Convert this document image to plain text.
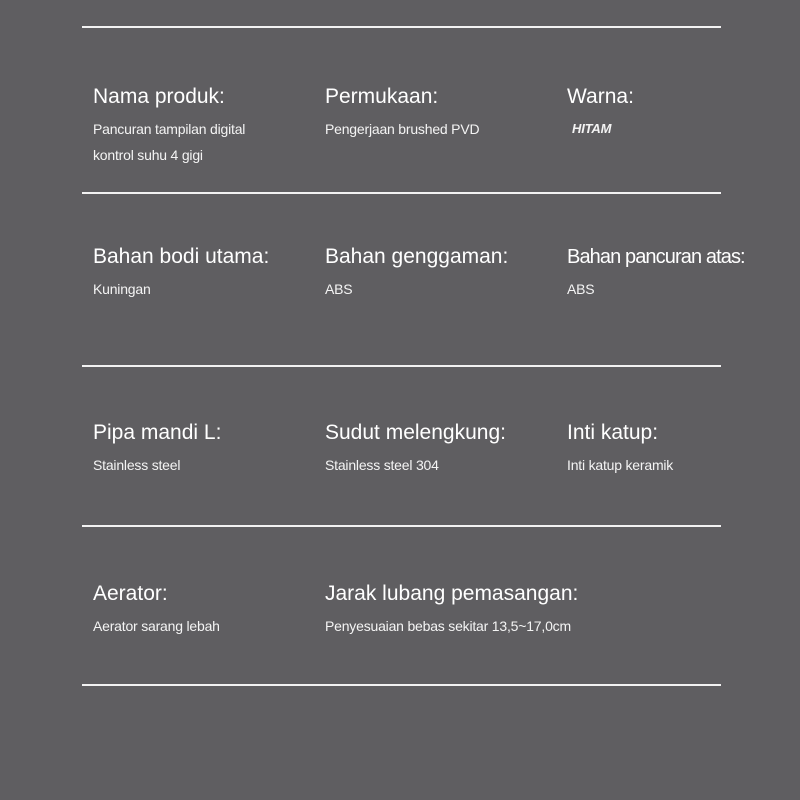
Nama produk:
Pancuran tampilan digital kontrol suhu 4 gigi
Permukaan:
Pengerjaan brushed PVD
Warna:
HITAM
Bahan bodi utama:
Kuningan
Bahan genggaman:
ABS
Bahan pancuran atas:
ABS
Pipa mandi L:
Stainless steel
Sudut melengkung:
Stainless steel 304
Inti katup:
Inti katup keramik
Aerator:
Aerator sarang lebah
Jarak lubang pemasangan:
Penyesuaian bebas sekitar 13,5~17,0cm
